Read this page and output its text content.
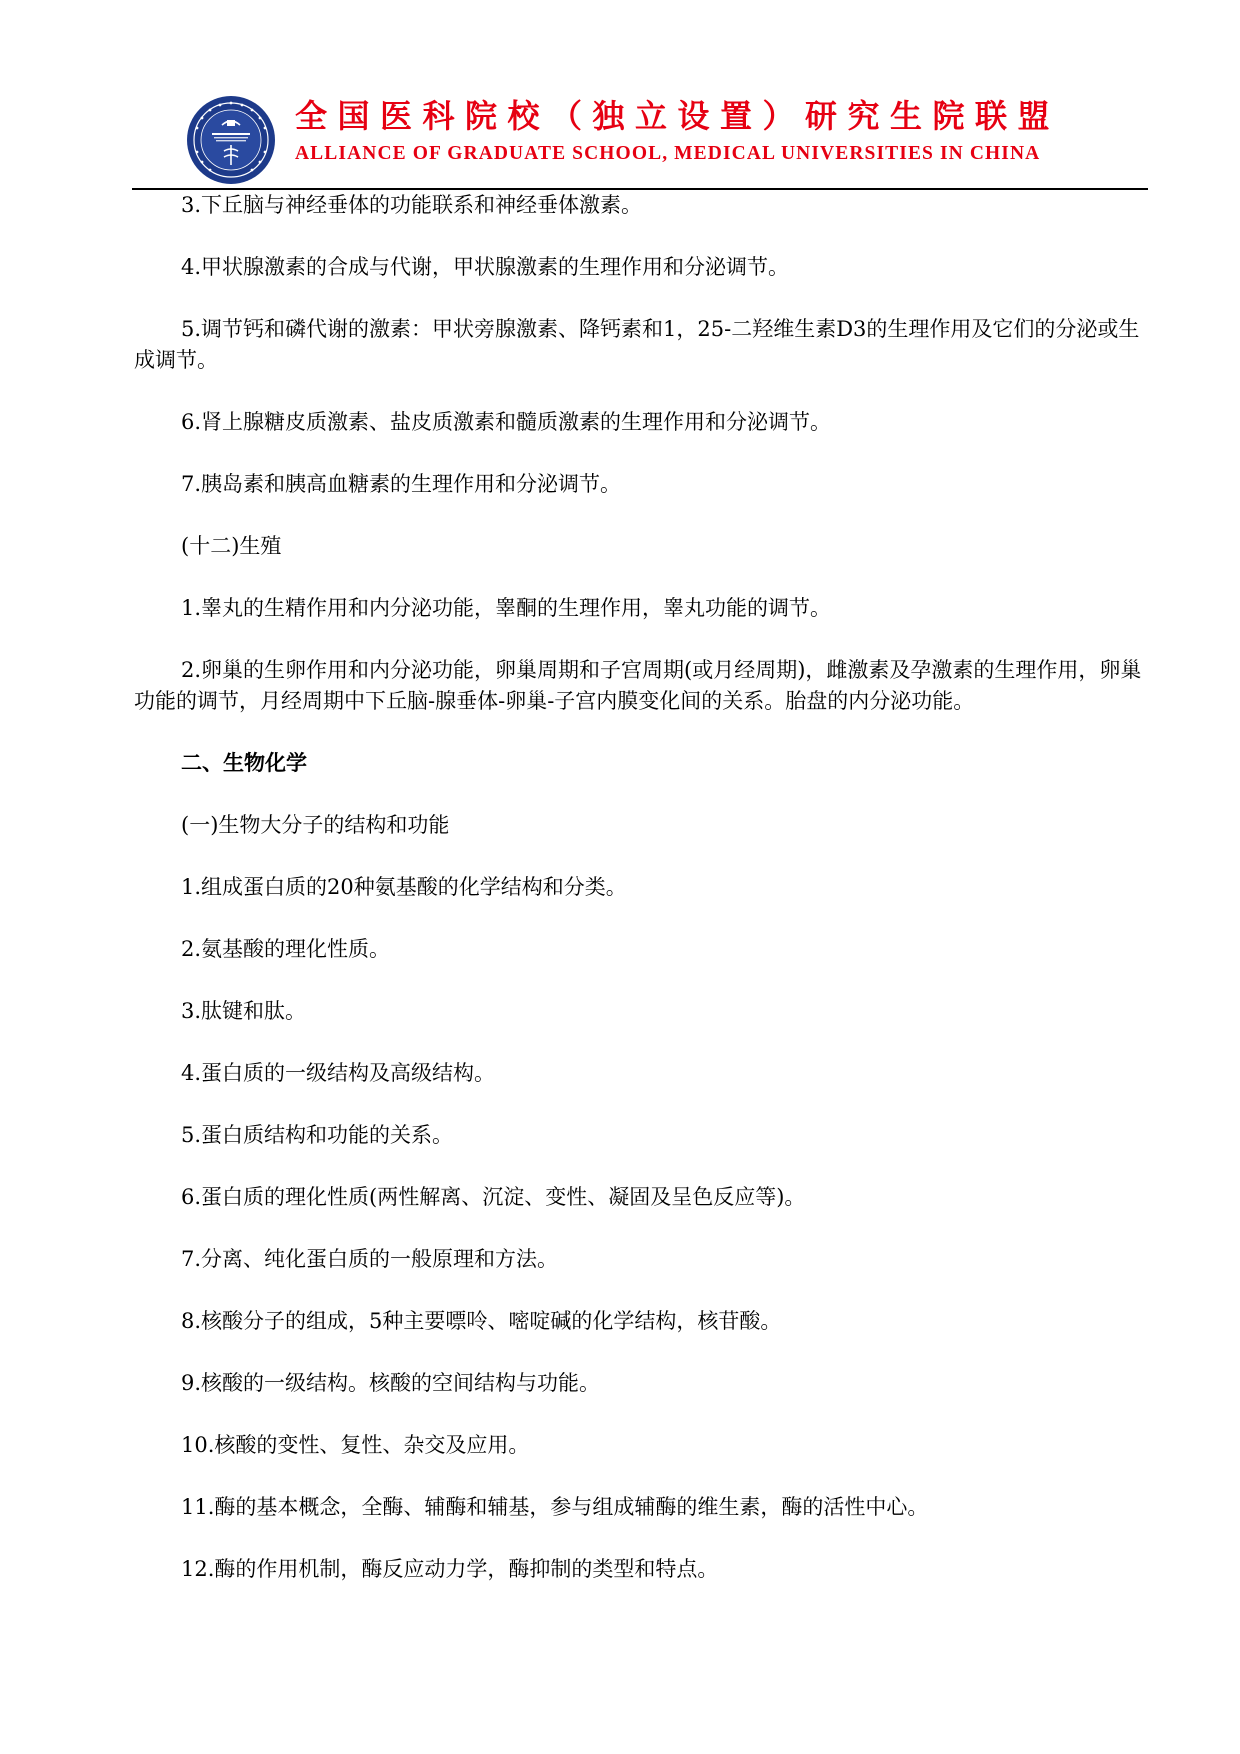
全国医科院校（独立设置）研究生院联盟
ALLIANCE OF GRADUATE SCHOOL, MEDICAL UNIVERSITIES IN CHINA

3.下丘脑与神经垂体的功能联系和神经垂体激素。

4.甲状腺激素的合成与代谢，甲状腺激素的生理作用和分泌调节。

5.调节钙和磷代谢的激素：甲状旁腺激素、降钙素和1，25-二羟维生素D3的生理作用及它们的分泌或生成调节。

6.肾上腺糖皮质激素、盐皮质激素和髓质激素的生理作用和分泌调节。

7.胰岛素和胰高血糖素的生理作用和分泌调节。

(十二)生殖

1.睾丸的生精作用和内分泌功能，睾酮的生理作用，睾丸功能的调节。

2.卵巢的生卵作用和内分泌功能，卵巢周期和子宫周期(或月经周期)，雌激素及孕激素的生理作用，卵巢功能的调节，月经周期中下丘脑-腺垂体-卵巢-子宫内膜变化间的关系。胎盘的内分泌功能。

二、生物化学

(一)生物大分子的结构和功能

1.组成蛋白质的20种氨基酸的化学结构和分类。

2.氨基酸的理化性质。

3.肽键和肽。

4.蛋白质的一级结构及高级结构。

5.蛋白质结构和功能的关系。

6.蛋白质的理化性质(两性解离、沉淀、变性、凝固及呈色反应等)。

7.分离、纯化蛋白质的一般原理和方法。

8.核酸分子的组成，5种主要嘌呤、嘧啶碱的化学结构，核苷酸。

9.核酸的一级结构。核酸的空间结构与功能。

10.核酸的变性、复性、杂交及应用。

11.酶的基本概念，全酶、辅酶和辅基，参与组成辅酶的维生素，酶的活性中心。

12.酶的作用机制，酶反应动力学，酶抑制的类型和特点。
